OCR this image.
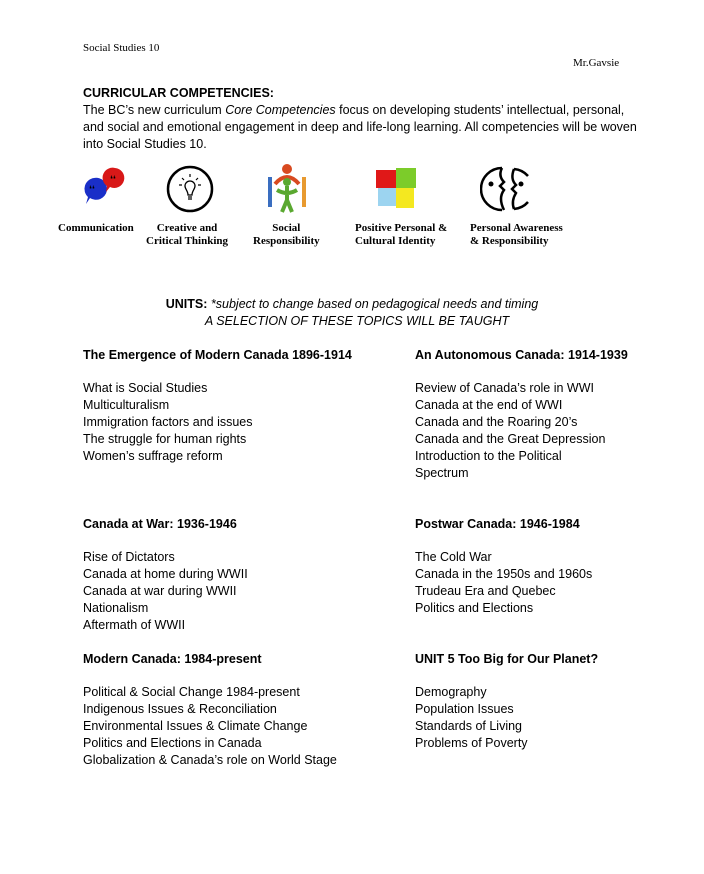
Social Studies 10
Mr.Gavsie
CURRICULAR COMPETENCIES:
The BC’s new curriculum Core Competencies focus on developing students’ intellectual, personal, and social and emotional engagement in deep and life-long learning. All competencies will be woven into Social Studies 10.
❛❛
❛❛
Communication	Creative and
Critical Thinking
Social
Responsibility
Positive Personal &
Cultural Identity
Personal Awareness
& Responsibility
UNITS: *subject to change based on pedagogical needs and timing
A SELECTION OF THESE TOPICS WILL BE TAUGHT
The Emergence of Modern Canada 1896-1914
What is Social Studies
Multiculturalism
Immigration factors and issues
The struggle for human rights
Women’s suffrage reform
An Autonomous Canada: 1914-1939
Review of Canada’s role in WWI
Canada at the end of WWI
Canada and the Roaring 20’s
Canada and the Great Depression
Introduction to the Political
Spectrum
Canada at War: 1936-1946
Rise of Dictators
Canada at home during WWII
Canada at war during WWII
Nationalism
Aftermath of WWII
Postwar Canada: 1946-1984
The Cold War
Canada in the 1950s and 1960s
Trudeau Era and Quebec
Politics and Elections
Modern Canada: 1984-present
Political & Social Change 1984-present
Indigenous Issues & Reconciliation
Environmental Issues & Climate Change
Politics and Elections in Canada
Globalization & Canada’s role on World Stage
UNIT 5 Too Big for Our Planet?
Demography
Population Issues
Standards of Living
Problems of Poverty
